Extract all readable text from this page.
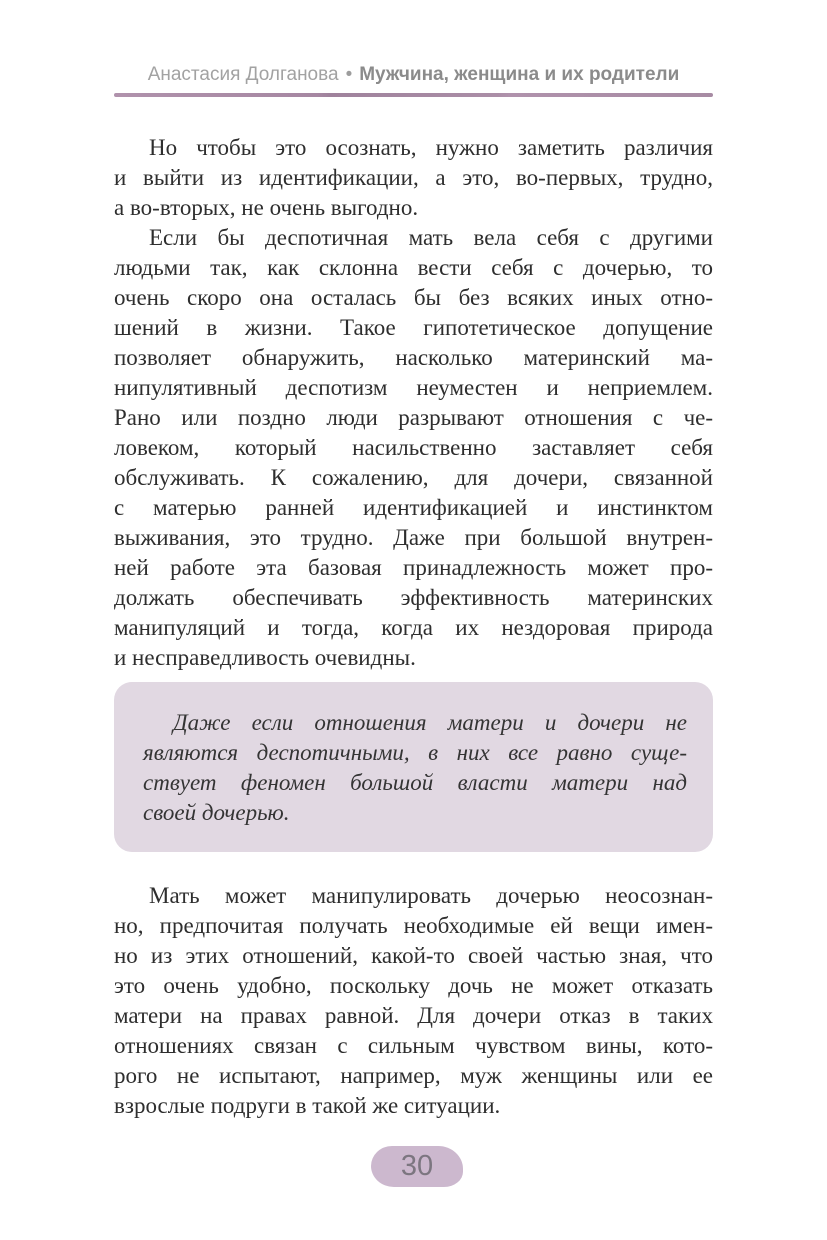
Анастасия Долганова • Мужчина, женщина и их родители
Но чтобы это осознать, нужно заметить различия
и выйти из идентификации, а это, во-первых, трудно,
а во-вторых, не очень выгодно.
Если бы деспотичная мать вела себя с другими
людьми так, как склонна вести себя с дочерью, то
очень скоро она осталась бы без всяких иных отно-
шений в жизни. Такое гипотетическое допущение
позволяет обнаружить, насколько материнский ма-
нипулятивный деспотизм неуместен и неприемлем.
Рано или поздно люди разрывают отношения с че-
ловеком, который насильственно заставляет себя
обслуживать. К сожалению, для дочери, связанной
с матерью ранней идентификацией и инстинктом
выживания, это трудно. Даже при большой внутрен-
ней работе эта базовая принадлежность может про-
должать обеспечивать эффективность материнских
манипуляций и тогда, когда их нездоровая природа
и несправедливость очевидны.
Даже если отношения матери и дочери не
являются деспотичными, в них все равно суще-
ствует феномен большой власти матери над
своей дочерью.
Мать может манипулировать дочерью неосознан-
но, предпочитая получать необходимые ей вещи имен-
но из этих отношений, какой-то своей частью зная, что
это очень удобно, поскольку дочь не может отказать
матери на правах равной. Для дочери отказ в таких
отношениях связан с сильным чувством вины, кото-
рого не испытают, например, муж женщины или ее
взрослые подруги в такой же ситуации.
30
